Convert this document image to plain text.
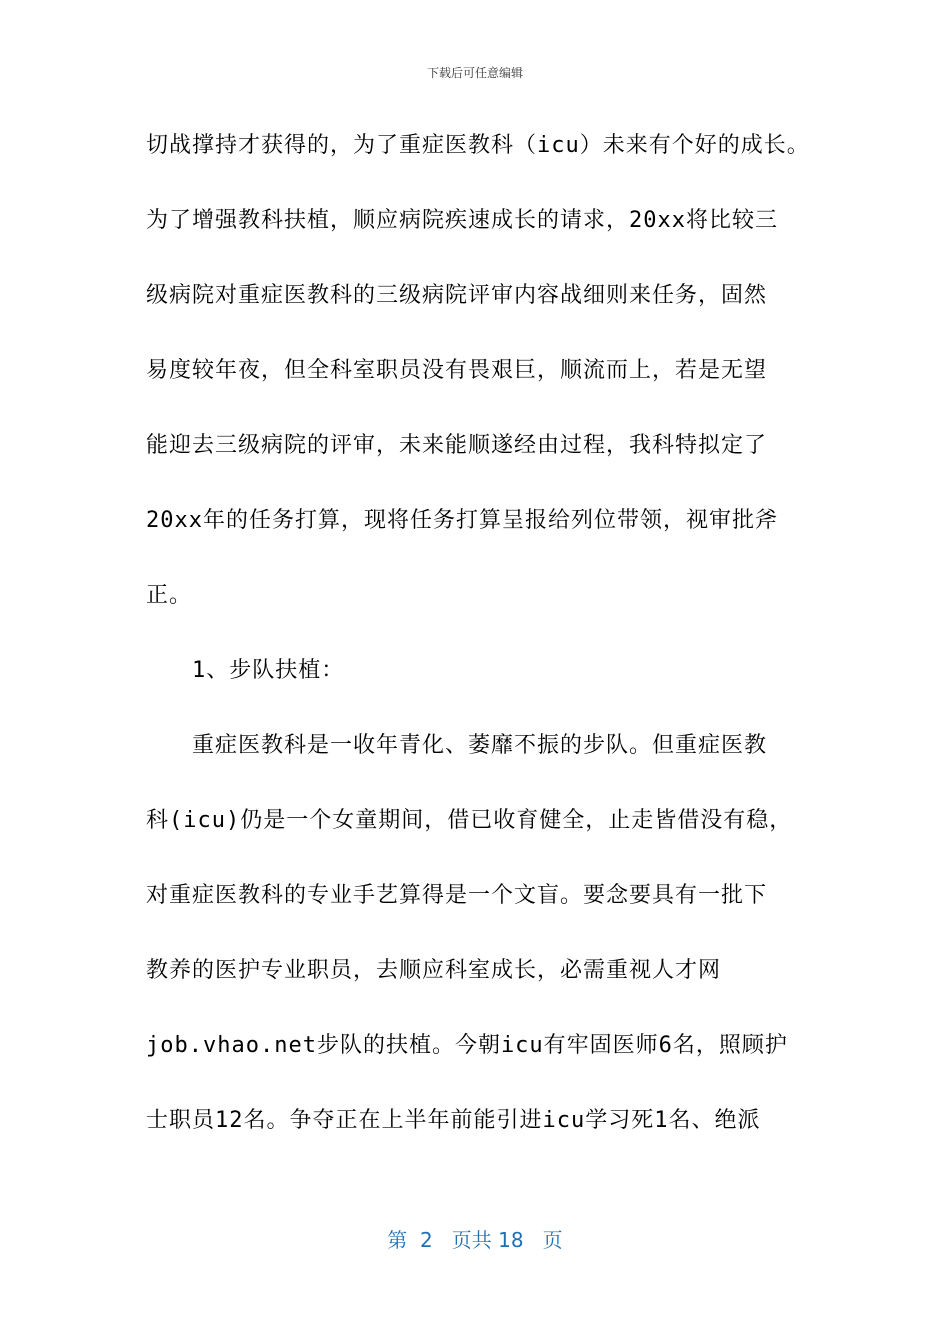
下载后可任意编辑
切战撑持才获得的，为了重症医教科（icu）未来有个好的成长。
为了增强教科扶植，顺应病院疾速成长的请求，20xx将比较三
级病院对重症医教科的三级病院评审内容战细则来任务，固然
易度较年夜，但全科室职员没有畏艰巨，顺流而上，若是无望
能迎去三级病院的评审，未来能顺遂经由过程，我科特拟定了
20xx年的任务打算，现将任务打算呈报给列位带领，视审批斧
正。
1、步队扶植：
重症医教科是一收年青化、萎靡不振的步队。但重症医教
科(icu)仍是一个女童期间，借已收育健全，止走皆借没有稳，
对重症医教科的专业手艺算得是一个文盲。要念要具有一批下
教养的医护专业职员，去顺应科室成长，必需重视人才网
job.vhao.net步队的扶植。今朝icu有牢固医师6名，照顾护
士职员12名。争夺正在上半年前能引进icu学习死1名、绝派
第  2   页共 18   页
